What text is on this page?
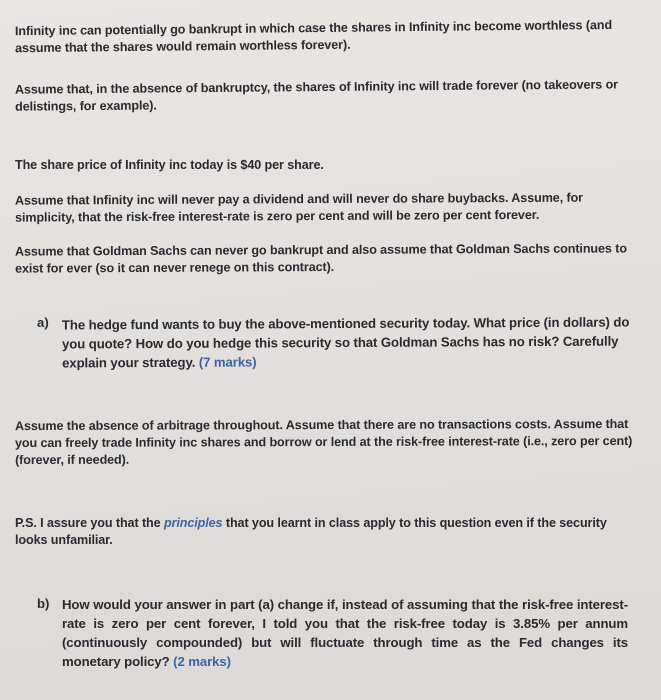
Infinity inc can potentially go bankrupt in which case the shares in Infinity inc become worthless (and assume that the shares would remain worthless forever).
Assume that, in the absence of bankruptcy, the shares of Infinity inc will trade forever (no takeovers or delistings, for example).
The share price of Infinity inc today is $40 per share.
Assume that Infinity inc will never pay a dividend and will never do share buybacks. Assume, for simplicity, that the risk-free interest-rate is zero per cent and will be zero per cent forever.
Assume that Goldman Sachs can never go bankrupt and also assume that Goldman Sachs continues to exist for ever (so it can never renege on this contract).
a) The hedge fund wants to buy the above-mentioned security today. What price (in dollars) do you quote? How do you hedge this security so that Goldman Sachs has no risk? Carefully explain your strategy. (7 marks)
Assume the absence of arbitrage throughout. Assume that there are no transactions costs. Assume that you can freely trade Infinity inc shares and borrow or lend at the risk-free interest-rate (i.e., zero per cent) (forever, if needed).
P.S. I assure you that the principles that you learnt in class apply to this question even if the security looks unfamiliar.
b) How would your answer in part (a) change if, instead of assuming that the risk-free interest-rate is zero per cent forever, I told you that the risk-free today is 3.85% per annum (continuously compounded) but will fluctuate through time as the Fed changes its monetary policy? (2 marks)
